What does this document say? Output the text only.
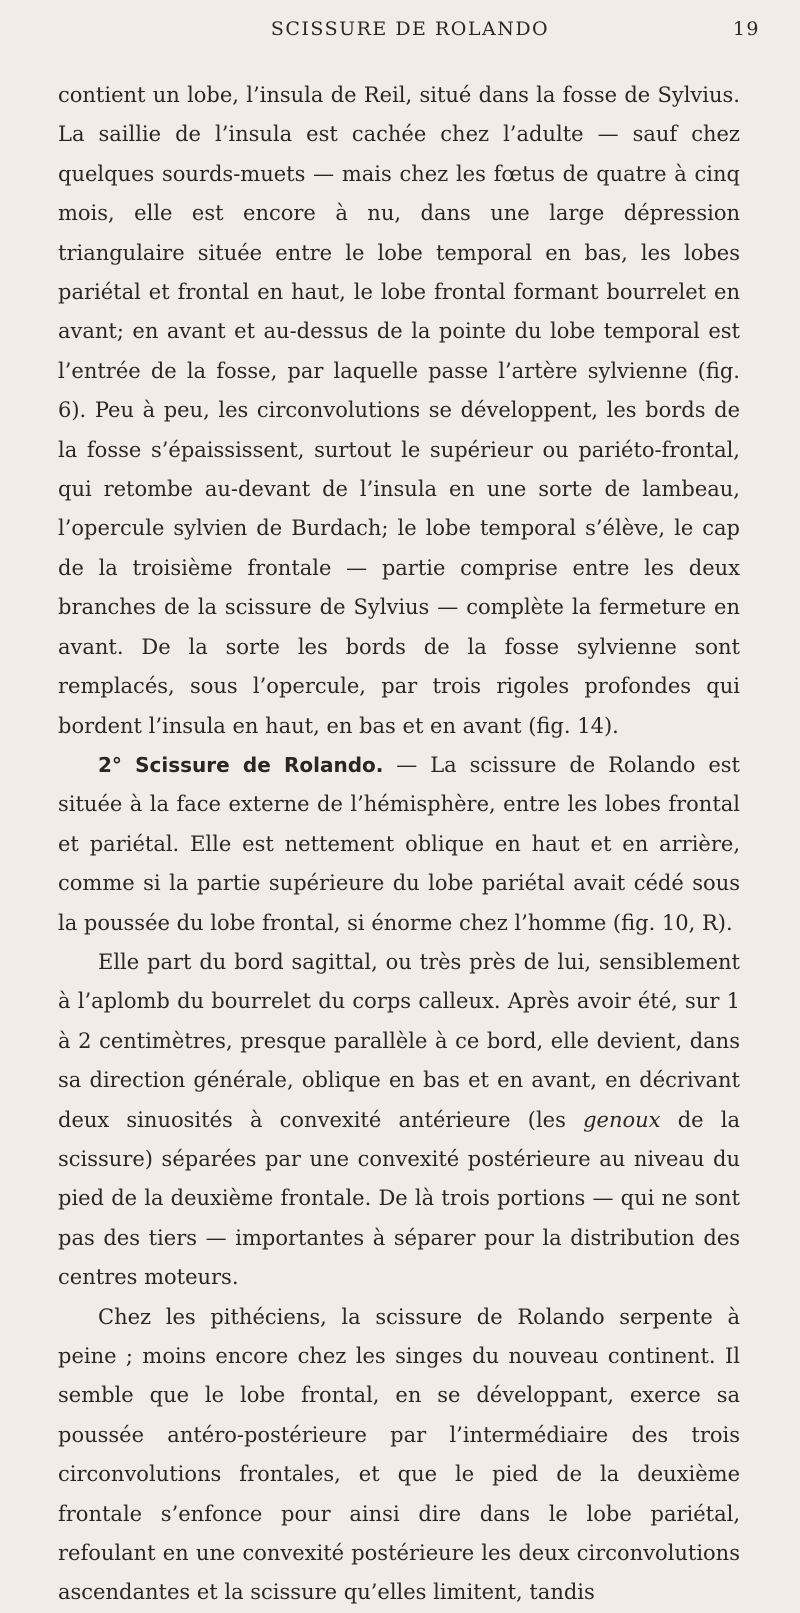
SCISSURE DE ROLANDO	19

contient un lobe, l’insula de Reil, situé dans la fosse de Sylvius. La saillie de l’insula est cachée chez l’adulte — sauf chez quelques sourds-muets — mais chez les fœtus de quatre à cinq mois, elle est encore à nu, dans une large dépression triangulaire située entre le lobe temporal en bas, les lobes pariétal et frontal en haut, le lobe frontal formant bourrelet en avant; en avant et au-dessus de la pointe du lobe temporal est l’entrée de la fosse, par laquelle passe l’artère sylvienne (fig. 6). Peu à peu, les circonvolutions se développent, les bords de la fosse s’épaississent, surtout le supérieur ou pariéto-frontal, qui retombe au-devant de l’insula en une sorte de lambeau, l’opercule sylvien de Burdach; le lobe temporal s’élève, le cap de la troisième frontale — partie comprise entre les deux branches de la scissure de Sylvius — complète la fermeture en avant. De la sorte les bords de la fosse sylvienne sont remplacés, sous l’opercule, par trois rigoles profondes qui bordent l’insula en haut, en bas et en avant (fig. 14).

2° Scissure de Rolando. — La scissure de Rolando est située à la face externe de l’hémisphère, entre les lobes frontal et pariétal. Elle est nettement oblique en haut et en arrière, comme si la partie supérieure du lobe pariétal avait cédé sous la poussée du lobe frontal, si énorme chez l’homme (fig. 10, R).

Elle part du bord sagittal, ou très près de lui, sensiblement à l’aplomb du bourrelet du corps calleux. Après avoir été, sur 1 à 2 centimètres, presque parallèle à ce bord, elle devient, dans sa direction générale, oblique en bas et en avant, en décrivant deux sinuosités à convexité antérieure (les genoux de la scissure) séparées par une convexité postérieure au niveau du pied de la deuxième frontale. De là trois portions — qui ne sont pas des tiers — importantes à séparer pour la distribution des centres moteurs.

Chez les pithéciens, la scissure de Rolando serpente à peine ; moins encore chez les singes du nouveau continent. Il semble que le lobe frontal, en se développant, exerce sa poussée antéro-postérieure par l’intermédiaire des trois circonvolutions frontales, et que le pied de la deuxième frontale s’enfonce pour ainsi dire dans le lobe pariétal, refoulant en une convexité postérieure les deux circonvolutions ascendantes et la scissure qu’elles limitent, tandis
